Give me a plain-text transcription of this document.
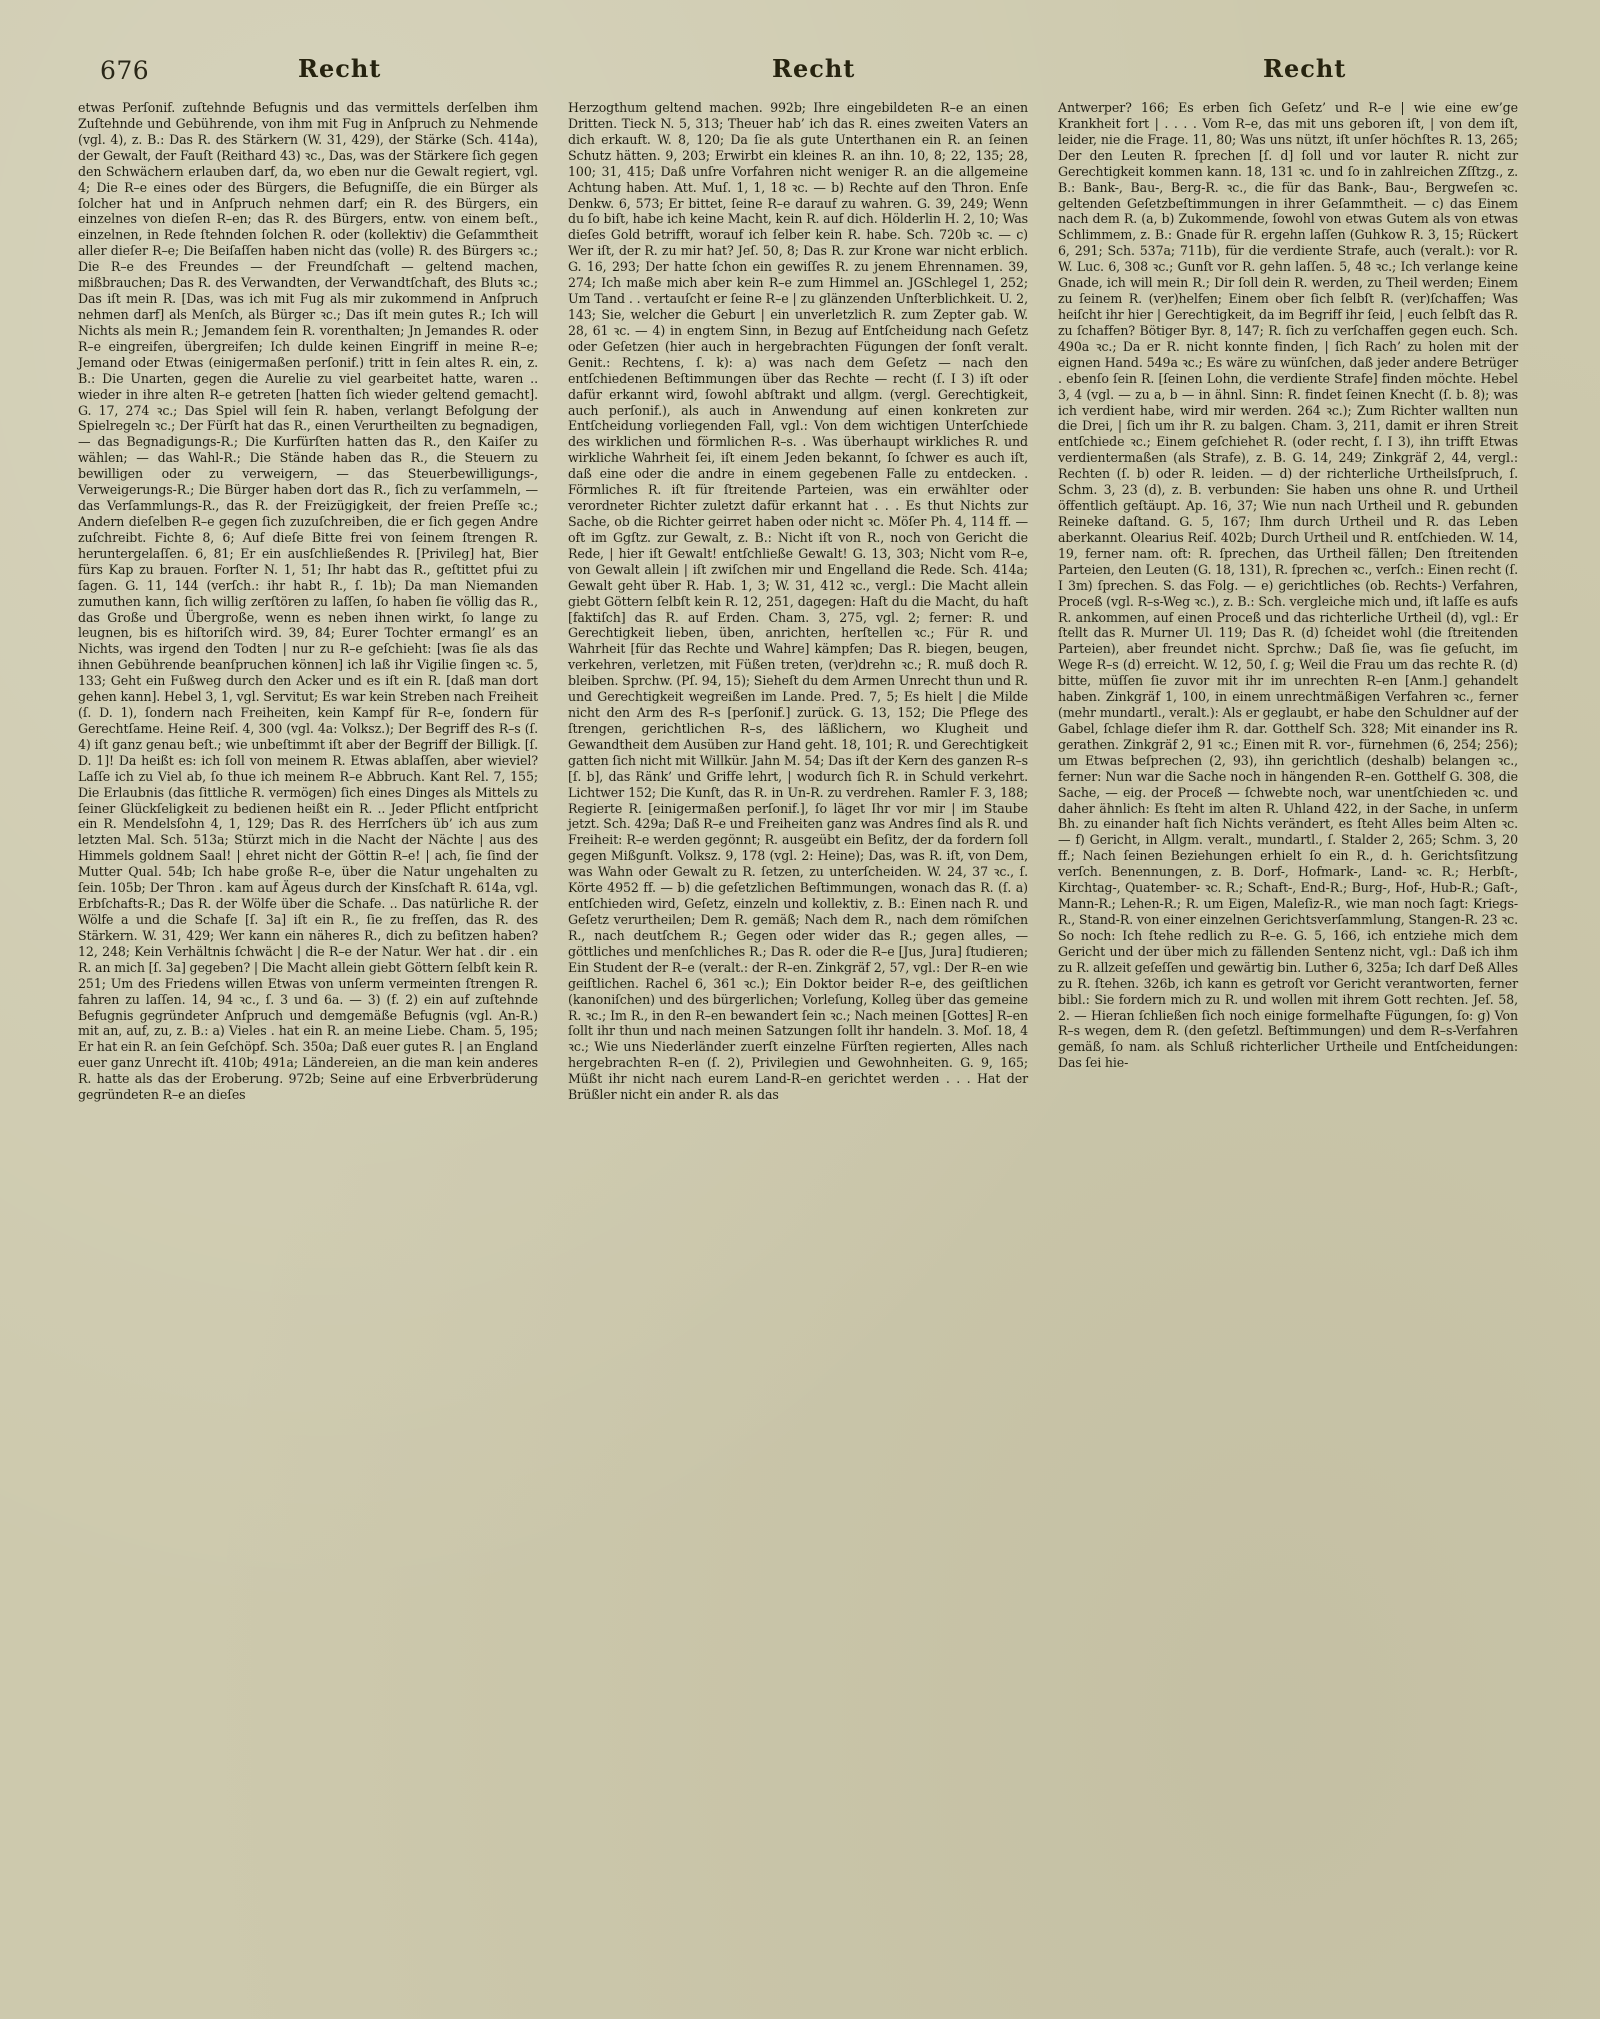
676	Recht	Recht	Recht

etwas Perſonif. zuſtehnde Befugnis und das vermittels derſelben ihm Zuſtehnde und Gebührende, von ihm mit Fug in Anſpruch zu Nehmende (vgl. 4), z. B.: Das R. des Stärkern (W. 31, 429), der Stärke (Sch. 414a), der Gewalt, der Fauſt (Reithard 43) ꝛc., Das, was der Stärkere ſich gegen den Schwächern erlauben darf, da, wo eben nur die Gewalt regiert, vgl. 4; Die R–e eines oder des Bürgers, die Befugniſſe, die ein Bürger als ſolcher hat und in Anſpruch nehmen darf; ein R. des Bürgers, ein einzelnes von dieſen R–en; das R. des Bürgers, entw. von einem beſt., einzelnen, in Rede ſtehnden ſolchen R. oder (kollektiv) die Geſammtheit aller dieſer R–e; Die Beiſaſſen haben nicht das (volle) R. des Bürgers ꝛc.; Die R–e des Freundes — der Freundſchaft — geltend machen, mißbrauchen; Das R. des Verwandten, der Verwandtſchaft, des Bluts ꝛc.; Das iſt mein R. [Das, was ich mit Fug als mir zukommend in Anſpruch nehmen darf] als Menſch, als Bürger ꝛc.; Das iſt mein gutes R.; Ich will Nichts als mein R.; Jemandem ſein R. vorenthalten; Jn Jemandes R. oder R–e eingreifen, übergreifen; Ich dulde keinen Eingriff in meine R–e; Jemand oder Etwas (einigermaßen perſonif.) tritt in ſein altes R. ein, z. B.: Die Unarten, gegen die Aurelie zu viel gearbeitet hatte, waren .. wieder in ihre alten R–e getreten [hatten ſich wieder geltend gemacht]. G. 17, 274 ꝛc.; Das Spiel will ſein R. haben, verlangt Befolgung der Spielregeln ꝛc.; Der Fürſt hat das R., einen Verurtheilten zu begnadigen, — das Begnadigungs-R.; Die Kurfürſten hatten das R., den Kaiſer zu wählen; — das Wahl-R.; Die Stände haben das R., die Steuern zu bewilligen oder zu verweigern, — das Steuerbewilligungs-, Verweigerungs-R.; Die Bürger haben dort das R., ſich zu verſammeln, — das Verſammlungs-R., das R. der Freizügigkeit, der freien Preſſe ꝛc.; Andern dieſelben R–e gegen ſich zuzuſchreiben, die er ſich gegen Andre zuſchreibt. Fichte 8, 6; Auf dieſe Bitte frei von ſeinem ſtrengen R. heruntergelaſſen. 6, 81; Er ein ausſchließendes R. [Privileg] hat, Bier fürs Kap zu brauen. Forſter N. 1, 51; Ihr habt das R., geſtittet pfui zu ſagen. G. 11, 144 (verſch.: ihr habt R., ſ. 1b); Da man Niemanden zumuthen kann, ſich willig zerſtören zu laſſen, ſo haben ſie völlig das R., das Große und Übergroße, wenn es neben ihnen wirkt, ſo lange zu leugnen, bis es hiſtoriſch wird. 39, 84; Eurer Tochter ermangl’ es an Nichts, was irgend den Todten | nur zu R–e geſchieht: [was ſie als das ihnen Gebührende beanſpruchen können] ich laß ihr Vigilie ſingen ꝛc. 5, 133; Geht ein Fußweg durch den Acker und es iſt ein R. [daß man dort gehen kann]. Hebel 3, 1, vgl. Servitut; Es war kein Streben nach Freiheit (ſ. D. 1), ſondern nach Freiheiten, kein Kampf für R–e, ſondern für Gerechtſame. Heine Reiſ. 4, 300 (vgl. 4a: Volksz.); Der Begriff des R–s (ſ. 4) iſt ganz genau beſt.; wie unbeſtimmt iſt aber der Begriff der Billigk. [ſ. D. 1]! Da heißt es: ich ſoll von meinem R. Etwas ablaſſen, aber wieviel? Laſſe ich zu Viel ab, ſo thue ich meinem R–e Abbruch. Kant Rel. 7, 155; Die Erlaubnis (das ſittliche R. vermögen) ſich eines Dinges als Mittels zu ſeiner Glückſeligkeit zu bedienen heißt ein R. .. Jeder Pflicht entſpricht ein R. Mendelsſohn 4, 1, 129; Das R. des Herrſchers üb’ ich aus zum letzten Mal. Sch. 513a; Stürzt mich in die Nacht der Nächte | aus des Himmels goldnem Saal! | ehret nicht der Göttin R–e! | ach, ſie ſind der Mutter Qual. 54b; Ich habe große R–e, über die Natur ungehalten zu ſein. 105b; Der Thron . kam auf Ägeus durch der Kinsſchaft R. 614a, vgl. Erbſchafts-R.; Das R. der Wölfe über die Schafe. .. Das natürliche R. der Wölfe a und die Schafe [ſ. 3a] iſt ein R., ſie zu freſſen, das R. des Stärkern. W. 31, 429; Wer kann ein näheres R., dich zu beſitzen haben? 12, 248; Kein Verhältnis ſchwächt | die R–e der Natur. Wer hat . dir . ein R. an mich [ſ. 3a] gegeben? | Die Macht allein giebt Göttern ſelbſt kein R. 251; Um des Friedens willen Etwas von unſerm vermeinten ſtrengen R. fahren zu laſſen. 14, 94 ꝛc., ſ. 3 und 6a. — 3) (f. 2) ein auf zuſtehnde Befugnis gegründeter Anſpruch und demgemäße Befugnis (vgl. An-R.) mit an, auf, zu, z. B.: a) Vieles . hat ein R. an meine Liebe. Cham. 5, 195; Er hat ein R. an ſein Geſchöpf. Sch. 350a; Daß euer gutes R. | an England euer ganz Unrecht iſt. 410b; 491a; Ländereien, an die man kein anderes R. hatte als das der Eroberung. 972b; Seine auf eine Erbverbrüderung gegründeten R–e an dieſes

Herzogthum geltend machen. 992b; Ihre eingebildeten R–e an einen Dritten. Tieck N. 5, 313; Theuer hab’ ich das R. eines zweiten Vaters an dich erkauft. W. 8, 120; Da ſie als gute Unterthanen ein R. an ſeinen Schutz hätten. 9, 203; Erwirbt ein kleines R. an ihn. 10, 8; 22, 135; 28, 100; 31, 415; Daß unſre Vorfahren nicht weniger R. an die allgemeine Achtung haben. Att. Muſ. 1, 1, 18 ꝛc. — b) Rechte auf den Thron. Enſe Denkw. 6, 573; Er bittet, ſeine R–e darauf zu wahren. G. 39, 249; Wenn du ſo biſt, habe ich keine Macht, kein R. auf dich. Hölderlin H. 2, 10; Was dieſes Gold betrifft, worauf ich ſelber kein R. habe. Sch. 720b ꝛc. — c) Wer iſt, der R. zu mir hat? Jeſ. 50, 8; Das R. zur Krone war nicht erblich. G. 16, 293; Der hatte ſchon ein gewiſſes R. zu jenem Ehrennamen. 39, 274; Ich maße mich aber kein R–e zum Himmel an. JGSchlegel 1, 252; Um Tand . . vertauſcht er ſeine R–e | zu glänzenden Unſterblichkeit. U. 2, 143; Sie, welcher die Geburt | ein unverletzlich R. zum Zepter gab. W. 28, 61 ꝛc. — 4) in engtem Sinn, in Bezug auf Entſcheidung nach Geſetz oder Geſetzen (hier auch in hergebrachten Fügungen der ſonſt veralt. Genit.: Rechtens, ſ. k): a) was nach dem Geſetz — nach den entſchiedenen Beſtimmungen über das Rechte — recht (ſ. I 3) iſt oder dafür erkannt wird, ſowohl abſtrakt und allgm. (vergl. Gerechtigkeit, auch perſonif.), als auch in Anwendung auf einen konkreten zur Entſcheidung vorliegenden Fall, vgl.: Von dem wichtigen Unterſchiede des wirklichen und förmlichen R–s. . Was überhaupt wirkliches R. und wirkliche Wahrheit ſei, iſt einem Jeden bekannt, ſo ſchwer es auch iſt, daß eine oder die andre in einem gegebenen Falle zu entdecken. . Förmliches R. iſt für ſtreitende Parteien, was ein erwählter oder verordneter Richter zuletzt dafür erkannt hat . . . Es thut Nichts zur Sache, ob die Richter geirret haben oder nicht ꝛc. Möſer Ph. 4, 114 ff. — oft im Ggſtz. zur Gewalt, z. B.: Nicht iſt von R., noch von Gericht die Rede, | hier iſt Gewalt! entſchließe Gewalt! G. 13, 303; Nicht vom R–e, von Gewalt allein | iſt zwiſchen mir und Engelland die Rede. Sch. 414a; Gewalt geht über R. Hab. 1, 3; W. 31, 412 ꝛc., vergl.: Die Macht allein giebt Göttern ſelbſt kein R. 12, 251, dagegen: Haſt du die Macht, du haſt [faktiſch] das R. auf Erden. Cham. 3, 275, vgl. 2; ferner: R. und Gerechtigkeit lieben, üben, anrichten, herſtellen ꝛc.; Für R. und Wahrheit [für das Rechte und Wahre] kämpfen; Das R. biegen, beugen, verkehren, verletzen, mit Füßen treten, (ver)drehn ꝛc.; R. muß doch R. bleiben. Sprchw. (Pſ. 94, 15); Sieheſt du dem Armen Unrecht thun und R. und Gerechtigkeit wegreißen im Lande. Pred. 7, 5; Es hielt | die Milde nicht den Arm des R–s [perſonif.] zurück. G. 13, 152; Die Pflege des ſtrengen, gerichtlichen R–s, des läßlichern, wo Klugheit und Gewandtheit dem Ausüben zur Hand geht. 18, 101; R. und Gerechtigkeit gatten ſich nicht mit Willkür. Jahn M. 54; Das iſt der Kern des ganzen R–s [ſ. b], das Ränk’ und Griffe lehrt, | wodurch ſich R. in Schuld verkehrt. Lichtwer 152; Die Kunſt, das R. in Un-R. zu verdrehen. Ramler F. 3, 188; Regierte R. [einigermaßen perſonif.], ſo läget Ihr vor mir | im Staube jetzt. Sch. 429a; Daß R–e und Freiheiten ganz was Andres ſind als R. und Freiheit: R–e werden gegönnt; R. ausgeübt ein Beſitz, der da fordern ſoll gegen Mißgunſt. Volksz. 9, 178 (vgl. 2: Heine); Das, was R. iſt, von Dem, was Wahn oder Gewalt zu R. ſetzen, zu unterſcheiden. W. 24, 37 ꝛc., ſ. Körte 4952 ff. — b) die geſetzlichen Beſtimmungen, wonach das R. (ſ. a) entſchieden wird, Geſetz, einzeln und kollektiv, z. B.: Einen nach R. und Geſetz verurtheilen; Dem R. gemäß; Nach dem R., nach dem römiſchen R., nach deutſchem R.; Gegen oder wider das R.; gegen alles, — göttliches und menſchliches R.; Das R. oder die R–e [Jus, Jura] ſtudieren; Ein Student der R–e (veralt.: der R–en. Zinkgräf 2, 57, vgl.: Der R–en wie geiſtlichen. Rachel 6, 361 ꝛc.); Ein Doktor beider R–e, des geiſtlichen (kanoniſchen) und des bürgerlichen; Vorleſung, Kolleg über das gemeine R. ꝛc.; Im R., in den R–en bewandert ſein ꝛc.; Nach meinen [Gottes] R–en ſollt ihr thun und nach meinen Satzungen ſollt ihr handeln. 3. Moſ. 18, 4 ꝛc.; Wie uns Niederländer zuerſt einzelne Fürſten regierten, Alles nach hergebrachten R–en (ſ. 2), Privilegien und Gewohnheiten. G. 9, 165; Müßt ihr nicht nach eurem Land-R–en gerichtet werden . . . Hat der Brüßler nicht ein ander R. als das

Antwerper? 166; Es erben ſich Geſetz’ und R–e | wie eine ew’ge Krankheit fort | . . . . Vom R–e, das mit uns geboren iſt, | von dem iſt, leider, nie die Frage. 11, 80; Was uns nützt, iſt unſer höchſtes R. 13, 265; Der den Leuten R. ſprechen [ſ. d] ſoll und vor lauter R. nicht zur Gerechtigkeit kommen kann. 18, 131 ꝛc. und ſo in zahlreichen Zſſtzg., z. B.: Bank-, Bau-, Berg-R. ꝛc., die für das Bank-, Bau-, Bergweſen ꝛc. geltenden Geſetzbeſtimmungen in ihrer Geſammtheit. — c) das Einem nach dem R. (a, b) Zukommende, ſowohl von etwas Gutem als von etwas Schlimmem, z. B.: Gnade für R. ergehn laſſen (Guhkow R. 3, 15; Rückert 6, 291; Sch. 537a; 711b), für die verdiente Strafe, auch (veralt.): vor R. W. Luc. 6, 308 ꝛc.; Gunſt vor R. gehn laſſen. 5, 48 ꝛc.; Ich verlange keine Gnade, ich will mein R.; Dir ſoll dein R. werden, zu Theil werden; Einem zu ſeinem R. (ver)helfen; Einem ober ſich ſelbſt R. (ver)ſchaffen; Was heiſcht ihr hier | Gerechtigkeit, da im Begriff ihr ſeid, | euch ſelbſt das R. zu ſchaffen? Bötiger Byr. 8, 147; R. ſich zu verſchaffen gegen euch. Sch. 490a ꝛc.; Da er R. nicht konnte finden, | ſich Rach’ zu holen mit der eignen Hand. 549a ꝛc.; Es wäre zu wünſchen, daß jeder andere Betrüger . ebenſo ſein R. [ſeinen Lohn, die verdiente Strafe] finden möchte. Hebel 3, 4 (vgl. — zu a, b — in ähnl. Sinn: R. findet ſeinen Knecht (ſ. b. 8); was ich verdient habe, wird mir werden. 264 ꝛc.); Zum Richter wallten nun die Drei, | ſich um ihr R. zu balgen. Cham. 3, 211, damit er ihren Streit entſchiede ꝛc.; Einem geſchiehet R. (oder recht, ſ. I 3), ihn trifft Etwas verdientermaßen (als Strafe), z. B. G. 14, 249; Zinkgräf 2, 44, vergl.: Rechten (ſ. b) oder R. leiden. — d) der richterliche Urtheilsſpruch, ſ. Schm. 3, 23 (d), z. B. verbunden: Sie haben uns ohne R. und Urtheil öffentlich geſtäupt. Ap. 16, 37; Wie nun nach Urtheil und R. gebunden Reineke daſtand. G. 5, 167; Ihm durch Urtheil und R. das Leben aberkannt. Olearius Reiſ. 402b; Durch Urtheil und R. entſchieden. W. 14, 19, ferner nam. oft: R. ſprechen, das Urtheil fällen; Den ſtreitenden Parteien, den Leuten (G. 18, 131), R. ſprechen ꝛc., verſch.: Einen recht (ſ. I 3m) ſprechen. S. das Folg. — e) gerichtliches (ob. Rechts-) Verfahren, Proceß (vgl. R–s-Weg ꝛc.), z. B.: Sch. vergleiche mich und, iſt laſſe es aufs R. ankommen, auf einen Proceß und das richterliche Urtheil (d), vgl.: Er ſtellt das R. Murner Ul. 119; Das R. (d) ſcheidet wohl (die ſtreitenden Parteien), aber freundet nicht. Sprchw.; Daß ſie, was ſie geſucht, im Wege R–s (d) erreicht. W. 12, 50, ſ. g; Weil die Frau um das rechte R. (d) bitte, müſſen ſie zuvor mit ihr im unrechten R–en [Anm.] gehandelt haben. Zinkgräf 1, 100, in einem unrechtmäßigen Verfahren ꝛc., ferner (mehr mundartl., veralt.): Als er geglaubt, er habe den Schuldner auf der Gabel, ſchlage dieſer ihm R. dar. Gotthelf Sch. 328; Mit einander ins R. gerathen. Zinkgräf 2, 91 ꝛc.; Einen mit R. vor-, fürnehmen (6, 254; 256); um Etwas beſprechen (2, 93), ihn gerichtlich (deshalb) belangen ꝛc., ferner: Nun war die Sache noch in hängenden R–en. Gotthelf G. 308, die Sache, — eig. der Proceß — ſchwebte noch, war unentſchieden ꝛc. und daher ähnlich: Es ſteht im alten R. Uhland 422, in der Sache, in unſerm Bh. zu einander haſt ſich Nichts verändert, es ſteht Alles beim Alten ꝛc. — f) Gericht, in Allgm. veralt., mundartl., ſ. Stalder 2, 265; Schm. 3, 20 ff.; Nach ſeinen Beziehungen erhielt ſo ein R., d. h. Gerichtsſitzung verſch. Benennungen, z. B. Dorf-, Hofmark-, Land- ꝛc. R.; Herbſt-, Kirchtag-, Quatember- ꝛc. R.; Schaft-, End-R.; Burg-, Hof-, Hub-R.; Gaſt-, Mann-R.; Lehen-R.; R. um Eigen, Maleſiz-R., wie man noch ſagt: Kriegs-R., Stand-R. von einer einzelnen Gerichtsverſammlung, Stangen-R. 23 ꝛc. So noch: Ich ſtehe redlich zu R–e. G. 5, 166, ich entziehe mich dem Gericht und der über mich zu fällenden Sentenz nicht, vgl.: Daß ich ihm zu R. allzeit geſeſſen und gewärtig bin. Luther 6, 325a; Ich darf Deß Alles zu R. ſtehen. 326b, ich kann es getroſt vor Gericht verantworten, ferner bibl.: Sie fordern mich zu R. und wollen mit ihrem Gott rechten. Jeſ. 58, 2. — Hieran ſchließen ſich noch einige formelhafte Fügungen, ſo: g) Von R–s wegen, dem R. (den geſetzl. Beſtimmungen) und dem R–s-Verfahren gemäß, ſo nam. als Schluß richterlicher Urtheile und Entſcheidungen: Das ſei hie-
